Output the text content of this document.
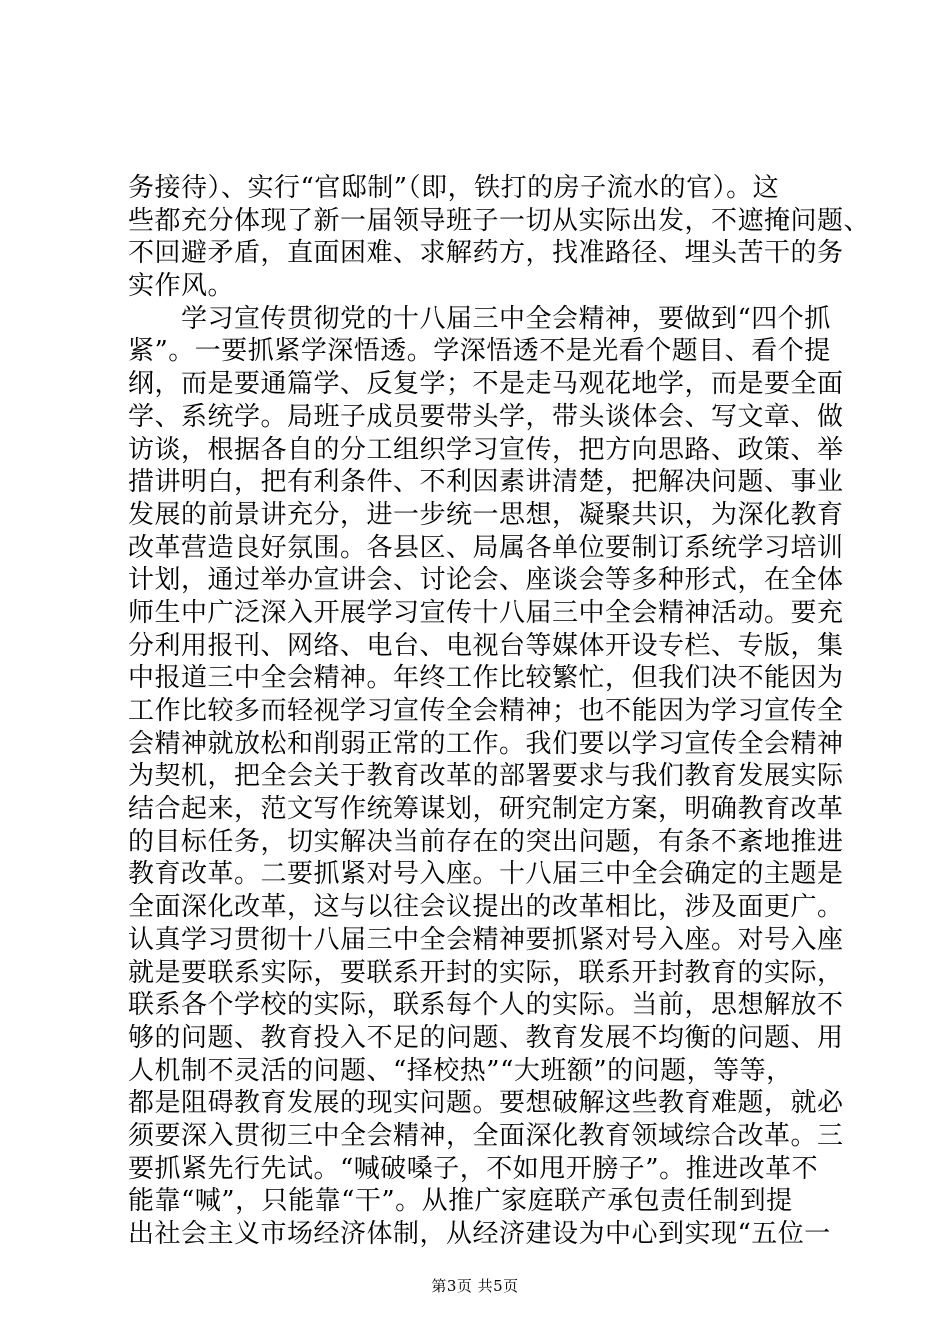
务接待）、实行“官邸制”（即，铁打的房子流水的官）。这
些都充分体现了新一届领导班子一切从实际出发，不遮掩问题、
不回避矛盾，直面困难、求解药方，找准路径、埋头苦干的务
实作风。
　　学习宣传贯彻党的十八届三中全会精神，要做到“四个抓
紧”。一要抓紧学深悟透。学深悟透不是光看个题目、看个提
纲，而是要通篇学、反复学；不是走马观花地学，而是要全面
学、系统学。局班子成员要带头学，带头谈体会、写文章、做
访谈，根据各自的分工组织学习宣传，把方向思路、政策、举
措讲明白，把有利条件、不利因素讲清楚，把解决问题、事业
发展的前景讲充分，进一步统一思想，凝聚共识，为深化教育
改革营造良好氛围。各县区、局属各单位要制订系统学习培训
计划，通过举办宣讲会、讨论会、座谈会等多种形式，在全体
师生中广泛深入开展学习宣传十八届三中全会精神活动。要充
分利用报刊、网络、电台、电视台等媒体开设专栏、专版，集
中报道三中全会精神。年终工作比较繁忙，但我们决不能因为
工作比较多而轻视学习宣传全会精神；也不能因为学习宣传全
会精神就放松和削弱正常的工作。我们要以学习宣传全会精神
为契机，把全会关于教育改革的部署要求与我们教育发展实际
结合起来，范文写作统筹谋划，研究制定方案，明确教育改革
的目标任务，切实解决当前存在的突出问题，有条不紊地推进
教育改革。二要抓紧对号入座。十八届三中全会确定的主题是
全面深化改革，这与以往会议提出的改革相比，涉及面更广。
认真学习贯彻十八届三中全会精神要抓紧对号入座。对号入座
就是要联系实际，要联系开封的实际，联系开封教育的实际，
联系各个学校的实际，联系每个人的实际。当前，思想解放不
够的问题、教育投入不足的问题、教育发展不均衡的问题、用
人机制不灵活的问题、“择校热”“大班额”的问题，等等，
都是阻碍教育发展的现实问题。要想破解这些教育难题，就必
须要深入贯彻三中全会精神，全面深化教育领域综合改革。三
要抓紧先行先试。“喊破嗓子，不如甩开膀子”。推进改革不
能靠“喊”，只能靠“干”。从推广家庭联产承包责任制到提
出社会主义市场经济体制，从经济建设为中心到实现“五位一
第3页 共5页
